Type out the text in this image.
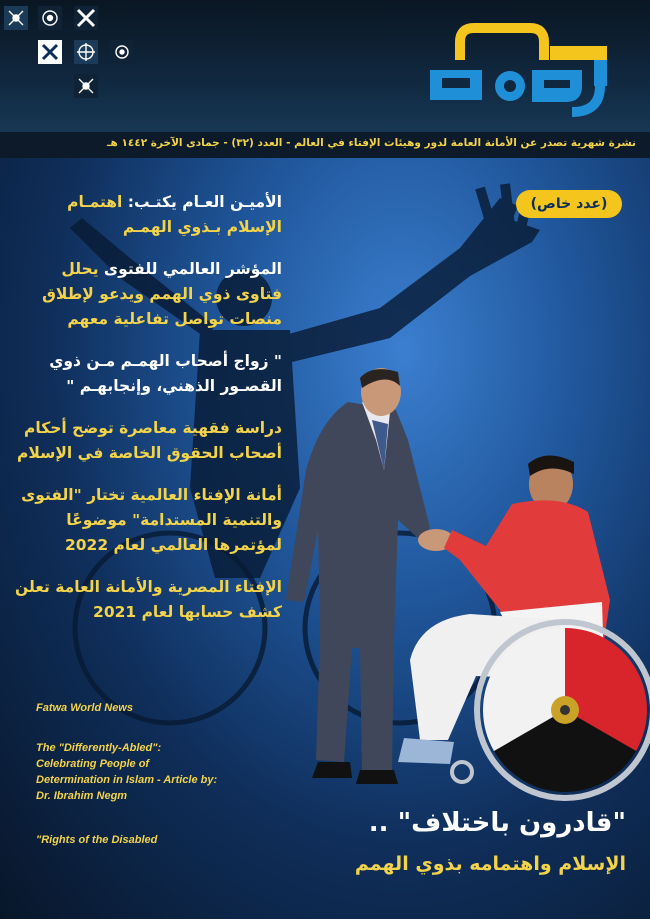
نشرة شهرية تصدر عن الأمانة العامة لدور وهيئات الإفتاء في العالم - العدد (٣٢) - جمادى الآخرة ١٤٤٢ هـ
(عدد خاص)
الأميـن العـام يكتـب: اهتمـام الإسلام بـذوي الهمـم
المؤشر العالمي للفتوى يحلل فتاوى ذوي الهمم ويدعو لإطلاق منصات تواصل تفاعلية معهم
" زواج أصحاب الهمـم مـن ذوي القصـور الذهني، وإنجابهـم "
دراسة فقهية معاصرة توضح أحكام أصحاب الحقوق الخاصة في الإسلام
أمانة الإفتاء العالمية تختار "الفتوى والتنمية المستدامة" موضوعًا لمؤتمرها العالمي لعام 2022
الإفتاء المصرية والأمانة العامة تعلن كشف حسابها لعام 2021
Fatwa World News
The "Differently-Abled":
Celebrating People of
Determination in Islam - Article by:
Dr. Ibrahim Negm
"Rights of the Disabled
"قادرون باختلاف" ..
الإسلام واهتمامه بذوي الهمم
